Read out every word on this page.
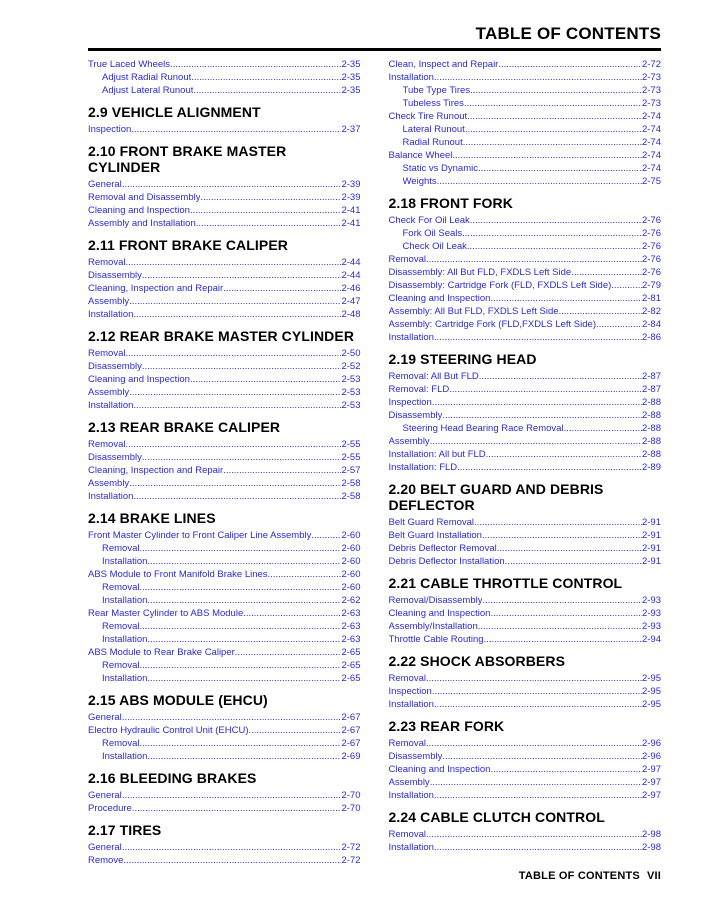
TABLE OF CONTENTS
True Laced Wheels .....	2-35
Adjust Radial Runout .....	2-35
Adjust Lateral Runout .....	2-35
2.9 VEHICLE ALIGNMENT
Inspection .....	2-37
2.10 FRONT BRAKE MASTER CYLINDER
General .....	2-39
Removal and Disassembly .....	2-39
Cleaning and Inspection .....	2-41
Assembly and Installation .....	2-41
2.11 FRONT BRAKE CALIPER
Removal .....	2-44
Disassembly .....	2-44
Cleaning, Inspection and Repair .....	2-46
Assembly .....	2-47
Installation .....	2-48
2.12 REAR BRAKE MASTER CYLINDER
Removal .....	2-50
Disassembly .....	2-52
Cleaning and Inspection .....	2-53
Assembly .....	2-53
Installation .....	2-53
2.13 REAR BRAKE CALIPER
Removal .....	2-55
Disassembly .....	2-55
Cleaning, Inspection and Repair .....	2-57
Assembly .....	2-58
Installation .....	2-58
2.14 BRAKE LINES
Front Master Cylinder to Front Caliper Line Assembly .....	2-60
Removal .....	2-60
Installation .....	2-60
ABS Module to Front Manifold Brake Lines .....	2-60
Removal .....	2-60
Installation .....	2-62
Rear Master Cylinder to ABS Module .....	2-63
Removal .....	2-63
Installation .....	2-63
ABS Module to Rear Brake Caliper .....	2-65
Removal .....	2-65
Installation .....	2-65
2.15 ABS MODULE (EHCU)
General .....	2-67
Electro Hydraulic Control Unit (EHCU) .....	2-67
Removal .....	2-67
Installation .....	2-69
2.16 BLEEDING BRAKES
General .....	2-70
Procedure .....	2-70
2.17 TIRES
General .....	2-72
Remove .....	2-72
Clean, Inspect and Repair .....	2-72
Installation .....	2-73
Tube Type Tires .....	2-73
Tubeless Tires .....	2-73
Check Tire Runout .....	2-74
Lateral Runout .....	2-74
Radial Runout .....	2-74
Balance Wheel .....	2-74
Static vs Dynamic .....	2-74
Weights .....	2-75
2.18 FRONT FORK
Check For Oil Leak .....	2-76
Fork Oil Seals .....	2-76
Check Oil Leak .....	2-76
Removal .....	2-76
Disassembly: All But FLD, FXDLS Left Side .....	2-76
Disassembly: Cartridge Fork (FLD, FXDLS Left Side) .....	2-79
Cleaning and Inspection .....	2-81
Assembly: All But FLD, FXDLS Left Side .....	2-82
Assembly: Cartridge Fork (FLD,FXDLS Left Side) .....	2-84
Installation .....	2-86
2.19 STEERING HEAD
Removal: All But FLD .....	2-87
Removal: FLD .....	2-87
Inspection .....	2-88
Disassembly .....	2-88
Steering Head Bearing Race Removal .....	2-88
Assembly .....	2-88
Installation: All but FLD .....	2-88
Installation: FLD .....	2-89
2.20 BELT GUARD AND DEBRIS DEFLECTOR
Belt Guard Removal .....	2-91
Belt Guard Installation .....	2-91
Debris Deflector Removal .....	2-91
Debris Deflector Installation .....	2-91
2.21 CABLE THROTTLE CONTROL
Removal/Disassembly .....	2-93
Cleaning and Inspection .....	2-93
Assembly/Installation .....	2-93
Throttle Cable Routing .....	2-94
2.22 SHOCK ABSORBERS
Removal .....	2-95
Inspection .....	2-95
Installation .....	2-95
2.23 REAR FORK
Removal .....	2-96
Disassembly .....	2-96
Cleaning and Inspection .....	2-97
Assembly .....	2-97
Installation .....	2-97
2.24 CABLE CLUTCH CONTROL
Removal .....	2-98
Installation .....	2-98
TABLE OF CONTENTS VII
